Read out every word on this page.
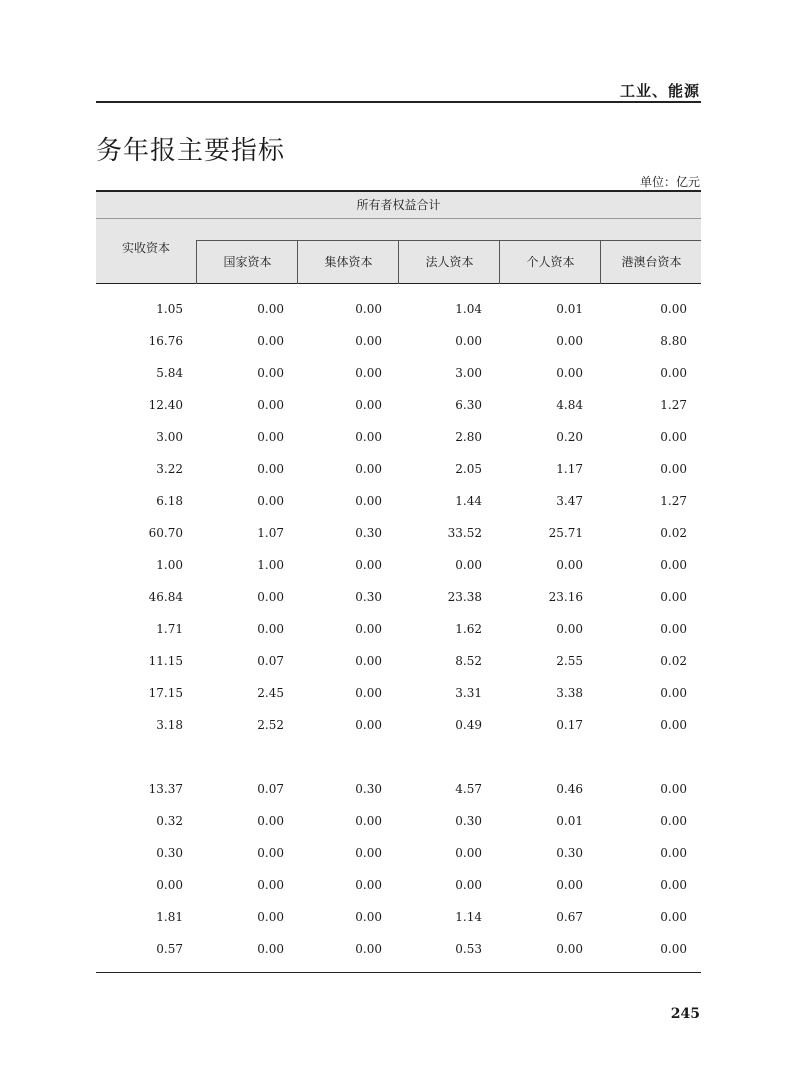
工业、能源
务年报主要指标
单位：亿元
所有者权益合计
实收资本
国家资本	集体资本	法人资本	个人资本	港澳台资本
1.05	0.00	0.00	1.04	0.01	0.00
16.76	0.00	0.00	0.00	0.00	8.80
5.84	0.00	0.00	3.00	0.00	0.00
12.40	0.00	0.00	6.30	4.84	1.27
3.00	0.00	0.00	2.80	0.20	0.00
3.22	0.00	0.00	2.05	1.17	0.00
6.18	0.00	0.00	1.44	3.47	1.27
60.70	1.07	0.30	33.52	25.71	0.02
1.00	1.00	0.00	0.00	0.00	0.00
46.84	0.00	0.30	23.38	23.16	0.00
1.71	0.00	0.00	1.62	0.00	0.00
11.15	0.07	0.00	8.52	2.55	0.02
17.15	2.45	0.00	3.31	3.38	0.00
3.18	2.52	0.00	0.49	0.17	0.00
13.37	0.07	0.30	4.57	0.46	0.00
0.32	0.00	0.00	0.30	0.01	0.00
0.30	0.00	0.00	0.00	0.30	0.00
0.00	0.00	0.00	0.00	0.00	0.00
1.81	0.00	0.00	1.14	0.67	0.00
0.57	0.00	0.00	0.53	0.00	0.00
245
